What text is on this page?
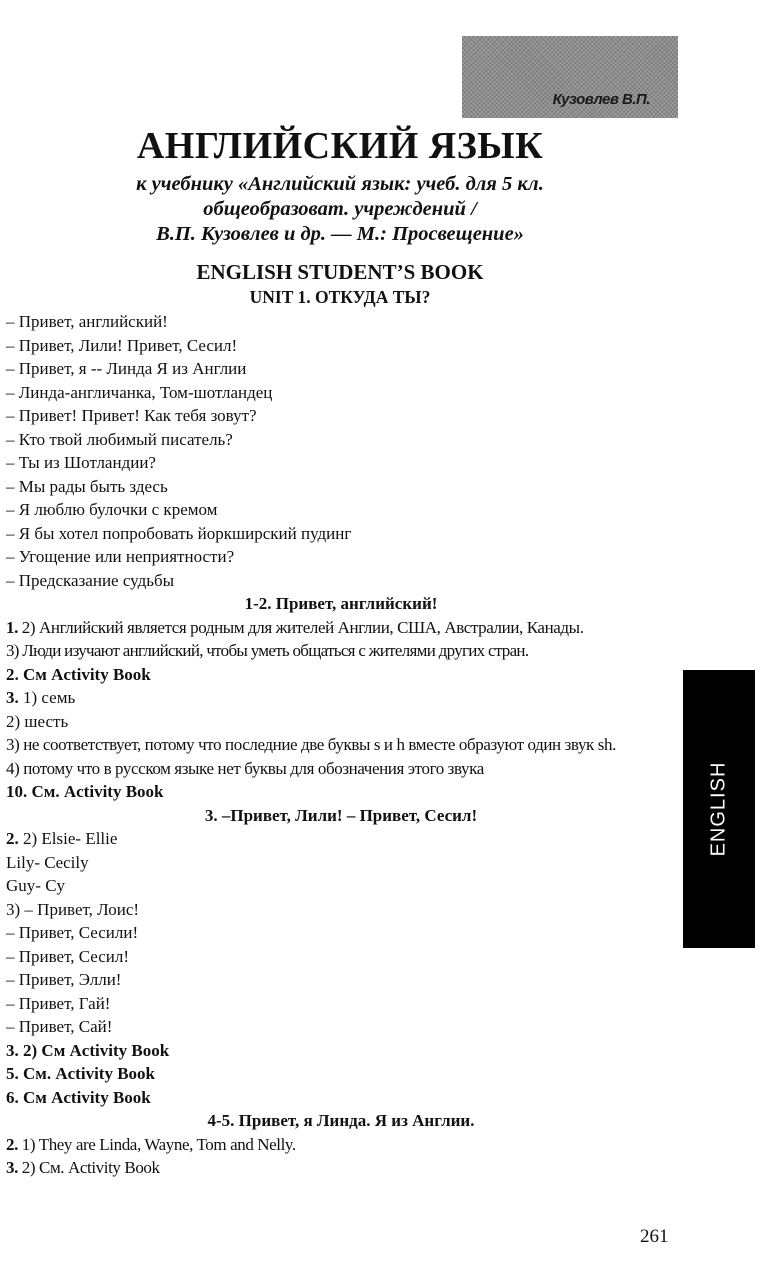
Кузовлев В.П.
АНГЛИЙСКИЙ ЯЗЫК
к учебнику «Английский язык: учеб. для 5 кл.
общеобразоват. учреждений /
В.П. Кузовлев и др. — М.: Просвещение»
ENGLISH STUDENT’S BOOK
UNIT 1. ОТКУДА ТЫ?
– Привет, английский!
– Привет, Лили! Привет, Сесил!
– Привет, я -- Линда Я из Англии
– Линда-англичанка, Том-шотландец
– Привет! Привет! Как тебя зовут?
– Кто твой любимый писатель?
– Ты из Шотландии?
– Мы рады быть здесь
– Я люблю булочки с кремом
– Я бы хотел попробовать йоркширский пудинг
– Угощение или неприятности?
– Предсказание судьбы
1-2. Привет, английский!
1. 2) Английский является родным для жителей Англии, США, Австралии, Канады.
3) Люди изучают английский, чтобы уметь общаться с жителями других стран.
2. См Activity Book
3. 1) семь
2) шесть
3) не соответствует, потому что последние две буквы s и h вместе образуют один звук sh.
4) потому что в русском языке нет буквы для обозначения этого звука
10. См. Activity Book
3. –Привет, Лили! – Привет, Сесил!
2. 2) Elsie- Ellie
Lily- Cecily
Guy- Cy
3) – Привет, Лоис!
– Привет, Сесили!
– Привет, Сесил!
– Привет, Элли!
– Привет, Гай!
– Привет, Сай!
3. 2) См Activity Book
5. См. Activity Book
6. См Activity Book
4-5. Привет, я Линда. Я из Англии.
2. 1) They are Linda, Wayne, Tom and Nelly.
3. 2) См. Activity Book
ENGLISH
261
